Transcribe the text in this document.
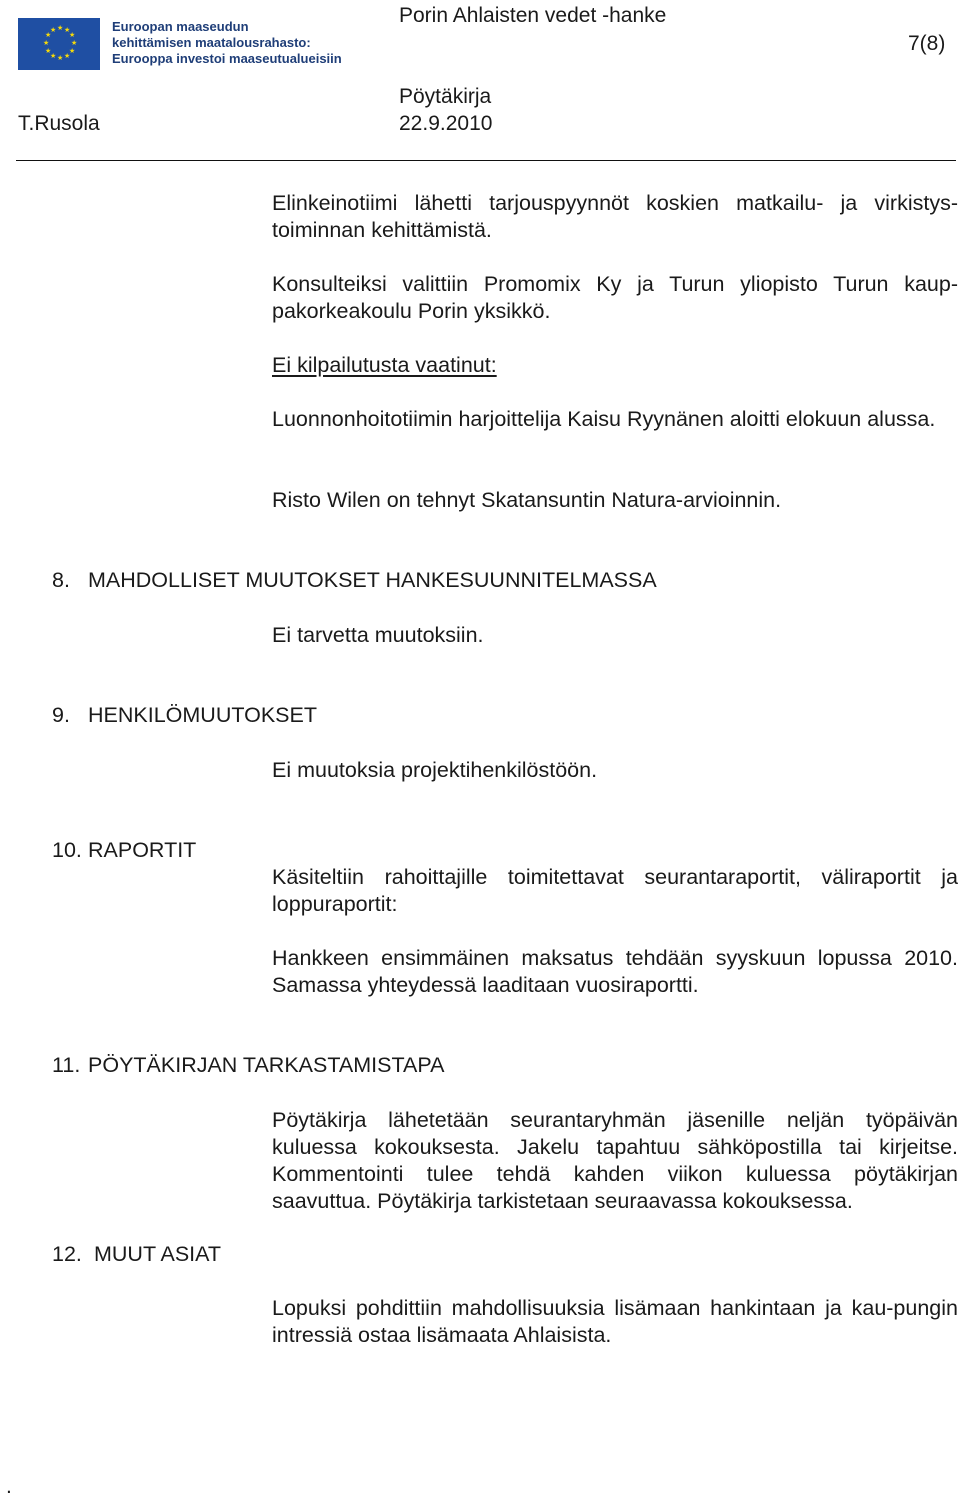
★ ★
★
★
★
★
★
★
★
★
★
★	Euroopan maaseudun
kehittämisen maatalousrahasto:
Eurooppa investoi maaseutualueisiin
Porin Ahlaisten vedet -hanke
7(8)
Pöytäkirja
T.Rusola	22.9.2010
Elinkeinotiimi lähetti tarjouspyynnöt koskien matkailu- ja virkistys-toiminnan kehittämistä.
Konsulteiksi valittiin Promomix Ky ja Turun yliopisto Turun kaup-pakorkeakoulu Porin yksikkö.
Ei kilpailutusta vaatinut:
Luonnonhoitotiimin harjoittelija Kaisu Ryynänen aloitti elokuun alussa.
Risto Wilen on tehnyt Skatansuntin Natura-arvioinnin.
8. MAHDOLLISET MUUTOKSET HANKESUUNNITELMASSA
Ei tarvetta muutoksiin.
9. HENKILÖMUUTOKSET
Ei muutoksia projektihenkilöstöön.
10. RAPORTIT
Käsiteltiin rahoittajille toimitettavat seurantaraportit, väliraportit ja loppuraportit:
Hankkeen ensimmäinen maksatus tehdään syyskuun lopussa 2010. Samassa yhteydessä laaditaan vuosiraportti.
11. PÖYTÄKIRJAN TARKASTAMISTAPA
Pöytäkirja lähetetään seurantaryhmän jäsenille neljän työpäivän kuluessa kokouksesta. Jakelu tapahtuu sähköpostilla tai kirjeitse. Kommentointi tulee tehdä kahden viikon kuluessa pöytäkirjan saavuttua. Pöytäkirja tarkistetaan seuraavassa kokouksessa.
12. MUUT ASIAT
Lopuksi pohdittiin mahdollisuuksia lisämaan hankintaan ja kau-pungin intressiä ostaa lisämaata Ahlaisista.
.
